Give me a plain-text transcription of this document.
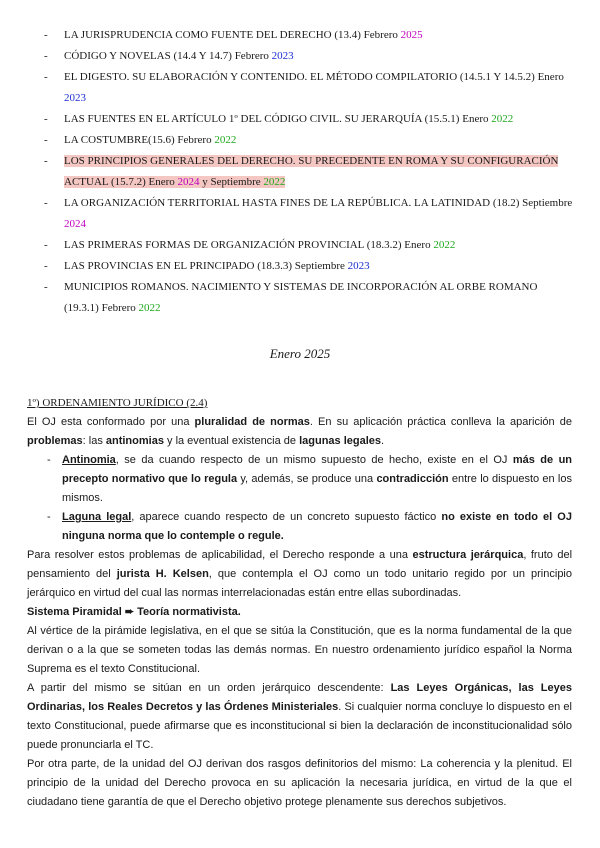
- LA JURISPRUDENCIA COMO FUENTE DEL DERECHO (13.4) Febrero 2025
- CÓDIGO Y NOVELAS (14.4 Y 14.7) Febrero 2023
- EL DIGESTO. SU ELABORACIÓN Y CONTENIDO. EL MÉTODO COMPILATORIO (14.5.1 Y 14.5.2) Enero 2023
- LAS FUENTES EN EL ARTÍCULO 1º DEL CÓDIGO CIVIL. SU JERARQUÍA (15.5.1) Enero 2022
- LA COSTUMBRE(15.6) Febrero 2022
- LOS PRINCIPIOS GENERALES DEL DERECHO. SU PRECEDENTE EN ROMA Y SU CONFIGURACIÓN ACTUAL (15.7.2) Enero 2024 y Septiembre 2022
- LA ORGANIZACIÓN TERRITORIAL HASTA FINES DE LA REPÚBLICA. LA LATINIDAD (18.2) Septiembre 2024
- LAS PRIMERAS FORMAS DE ORGANIZACIÓN PROVINCIAL (18.3.2) Enero 2022
- LAS PROVINCIAS EN EL PRINCIPADO (18.3.3) Septiembre 2023
- MUNICIPIOS ROMANOS. NACIMIENTO Y SISTEMAS DE INCORPORACIÓN AL ORBE ROMANO (19.3.1) Febrero 2022
Enero 2025

1º) ORDENAMIENTO JURÍDICO (2.4)

El OJ esta conformado por una pluralidad de normas. En su aplicación práctica conlleva la aparición de problemas: las antinomias y la eventual existencia de lagunas legales.

- Antinomia, se da cuando respecto de un mismo supuesto de hecho, existe en el OJ más de un precepto normativo que lo regula y, además, se produce una contradicción entre lo dispuesto en los mismos.
- Laguna legal, aparece cuando respecto de un concreto supuesto fáctico no existe en todo el OJ ninguna norma que lo contemple o regule.

Para resolver estos problemas de aplicabilidad, el Derecho responde a una estructura jerárquica, fruto del pensamiento del jurista H. Kelsen, que contempla el OJ como un todo unitario regido por un principio jerárquico en virtud del cual las normas interrelacionadas están entre ellas subordinadas.

Sistema Piramidal ➨ Teoría normativista.

Al vértice de la pirámide legislativa, en el que se sitúa la Constitución, que es la norma fundamental de la que derivan o a la que se someten todas las demás normas. En nuestro ordenamiento jurídico español la Norma Suprema es el texto Constitucional.

A partir del mismo se sitúan en un orden jerárquico descendente: Las Leyes Orgánicas, las Leyes Ordinarias, los Reales Decretos y las Órdenes Ministeriales. Si cualquier norma concluye lo dispuesto en el texto Constitucional, puede afirmarse que es inconstitucional si bien la declaración de inconstitucionalidad sólo puede pronunciarla el TC.

Por otra parte, de la unidad del OJ derivan dos rasgos definitorios del mismo: La coherencia y la plenitud. El principio de la unidad del Derecho provoca en su aplicación la necesaria jurídica, en virtud de la que el ciudadano tiene garantía de que el Derecho objetivo protege plenamente sus derechos subjetivos.
